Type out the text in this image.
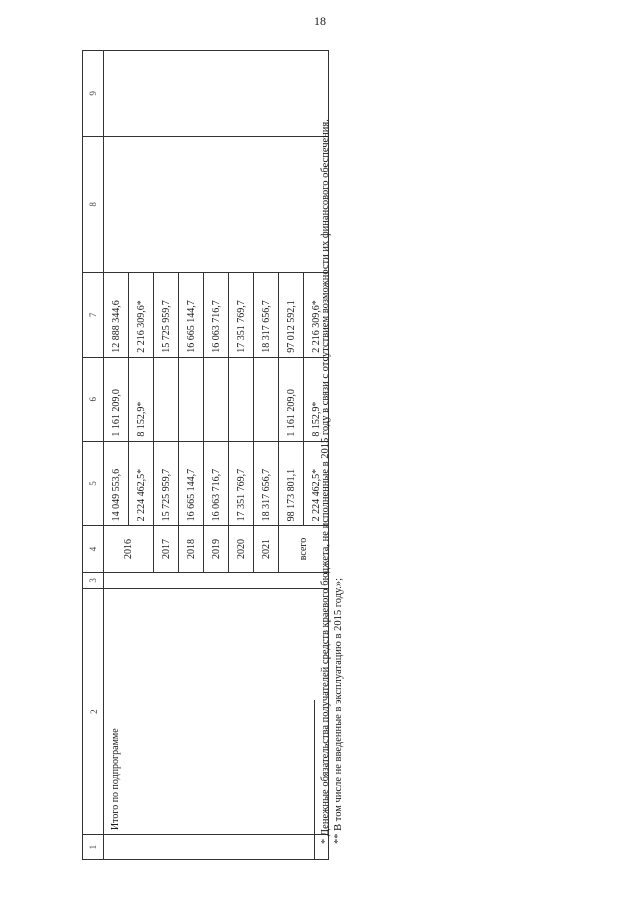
18
1	2	3	4	5	6	7	8	9
	Итого по подпрограмме		2016	14 049 553,6	1 161 209,0	12 888 344,6		
				2 224 462,5*	8 152,9*	2 216 309,6*		
			2017	15 725 959,7		15 725 959,7		
			2018	16 665 144,7		16 665 144,7		
			2019	16 063 716,7		16 063 716,7		
			2020	17 351 769,7		17 351 769,7		
			2021	18 317 656,7		18 317 656,7		
			всего	98 173 801,1	1 161 209,0	97 012 592,1		
				2 224 462,5*	8 152,9*	2 216 309,6*		

* Денежные обязательства получателей средств краевого бюджета, не исполненные в 2015 году в связи с отсутствием возможности их финансового обеспечения. ** В том числе не введенные в эксплуатацию в 2015 году.»;
